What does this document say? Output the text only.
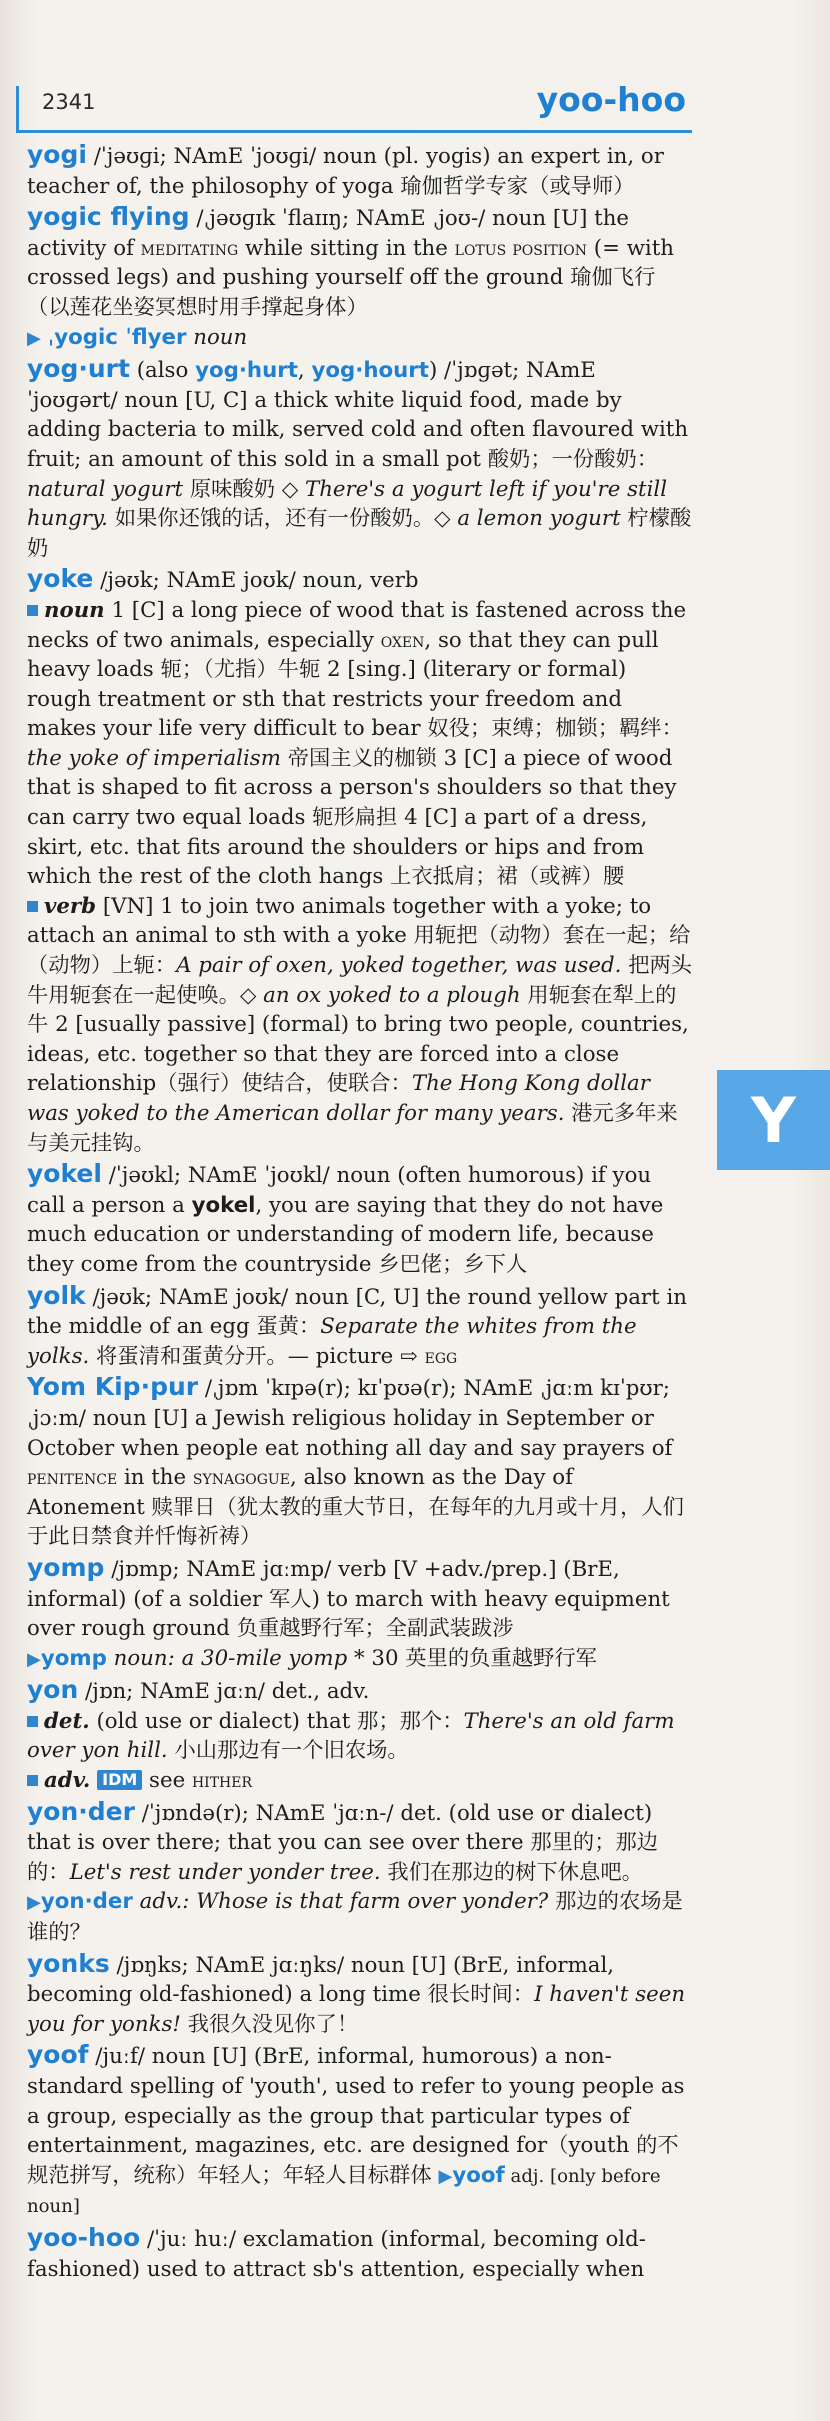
2341	yoo-hoo
Y
yogi /ˈjəʊɡi; NAmE ˈjoʊɡi/ noun (pl. yogis) an expert in, or teacher of, the philosophy of yoga 瑜伽哲学专家（或导师）
yogic flying /ˌjəʊɡɪk ˈflaɪɪŋ; NAmE ˌjoʊ-/ noun [U] the activity of meditating while sitting in the lotus position (= with crossed legs) and pushing yourself off the ground 瑜伽飞行（以莲花坐姿冥想时用手撑起身体）
▶ ˌyogic ˈflyer noun
yog·urt (also yog·hurt, yog·hourt) /ˈjɒɡət; NAmE ˈjoʊɡərt/ noun [U, C] a thick white liquid food, made by adding bacteria to milk, served cold and often flavoured with fruit; an amount of this sold in a small pot 酸奶；一份酸奶：natural yogurt 原味酸奶 ◇ There's a yogurt left if you're still hungry. 如果你还饿的话，还有一份酸奶。◇ a lemon yogurt 柠檬酸奶
yoke /jəʊk; NAmE joʊk/ noun, verb
noun 1 [C] a long piece of wood that is fastened across the necks of two animals, especially oxen, so that they can pull heavy loads 轭；（尤指）牛轭 2 [sing.] (literary or formal) rough treatment or sth that restricts your freedom and makes your life very difficult to bear 奴役；束缚；枷锁；羁绊：the yoke of imperialism 帝国主义的枷锁 3 [C] a piece of wood that is shaped to fit across a person's shoulders so that they can carry two equal loads 轭形扁担 4 [C] a part of a dress, skirt, etc. that fits around the shoulders or hips and from which the rest of the cloth hangs 上衣抵肩；裙（或裤）腰
verb [VN] 1 to join two animals together with a yoke; to attach an animal to sth with a yoke 用轭把（动物）套在一起；给（动物）上轭：A pair of oxen, yoked together, was used. 把两头牛用轭套在一起使唤。◇ an ox yoked to a plough 用轭套在犁上的牛 2 [usually passive] (formal) to bring two people, countries, ideas, etc. together so that they are forced into a close relationship（强行）使结合，使联合：The Hong Kong dollar was yoked to the American dollar for many years. 港元多年来与美元挂钩。
yokel /ˈjəʊkl; NAmE ˈjoʊkl/ noun (often humorous) if you call a person a yokel, you are saying that they do not have much education or understanding of modern life, because they come from the countryside 乡巴佬；乡下人
yolk /jəʊk; NAmE joʊk/ noun [C, U] the round yellow part in the middle of an egg 蛋黄：Separate the whites from the yolks. 将蛋清和蛋黄分开。— picture ⇨ egg
Yom Kip·pur /ˌjɒm ˈkɪpə(r); kɪˈpʊə(r); NAmE ˌjɑːm kɪˈpʊr; ˌjɔːm/ noun [U] a Jewish religious holiday in September or October when people eat nothing all day and say prayers of penitence in the synagogue, also known as the Day of Atonement 赎罪日（犹太教的重大节日，在每年的九月或十月，人们于此日禁食并忏悔祈祷）
yomp /jɒmp; NAmE jɑːmp/ verb [V +adv./prep.] (BrE, informal) (of a soldier 军人) to march with heavy equipment over rough ground 负重越野行军；全副武装跋涉
▶yomp noun: a 30-mile yomp * 30 英里的负重越野行军
yon /jɒn; NAmE jɑːn/ det., adv.
det. (old use or dialect) that 那；那个：There's an old farm over yon hill. 小山那边有一个旧农场。
adv. IDM see hither
yon·der /ˈjɒndə(r); NAmE ˈjɑːn-/ det. (old use or dialect) that is over there; that you can see over there 那里的；那边的：Let's rest under yonder tree. 我们在那边的树下休息吧。 ▶yon·der adv.: Whose is that farm over yonder? 那边的农场是谁的？
yonks /jɒŋks; NAmE jɑːŋks/ noun [U] (BrE, informal, becoming old-fashioned) a long time 很长时间：I haven't seen you for yonks! 我很久没见你了！
yoof /juːf/ noun [U] (BrE, informal, humorous) a non-standard spelling of 'youth', used to refer to young people as a group, especially as the group that particular types of entertainment, magazines, etc. are designed for（youth 的不规范拼写，统称）年轻人；年轻人目标群体 ▶yoof adj. [only before noun]
yoo-hoo /ˈjuː huː/ exclamation (informal, becoming old-fashioned) used to attract sb's attention, especially when
